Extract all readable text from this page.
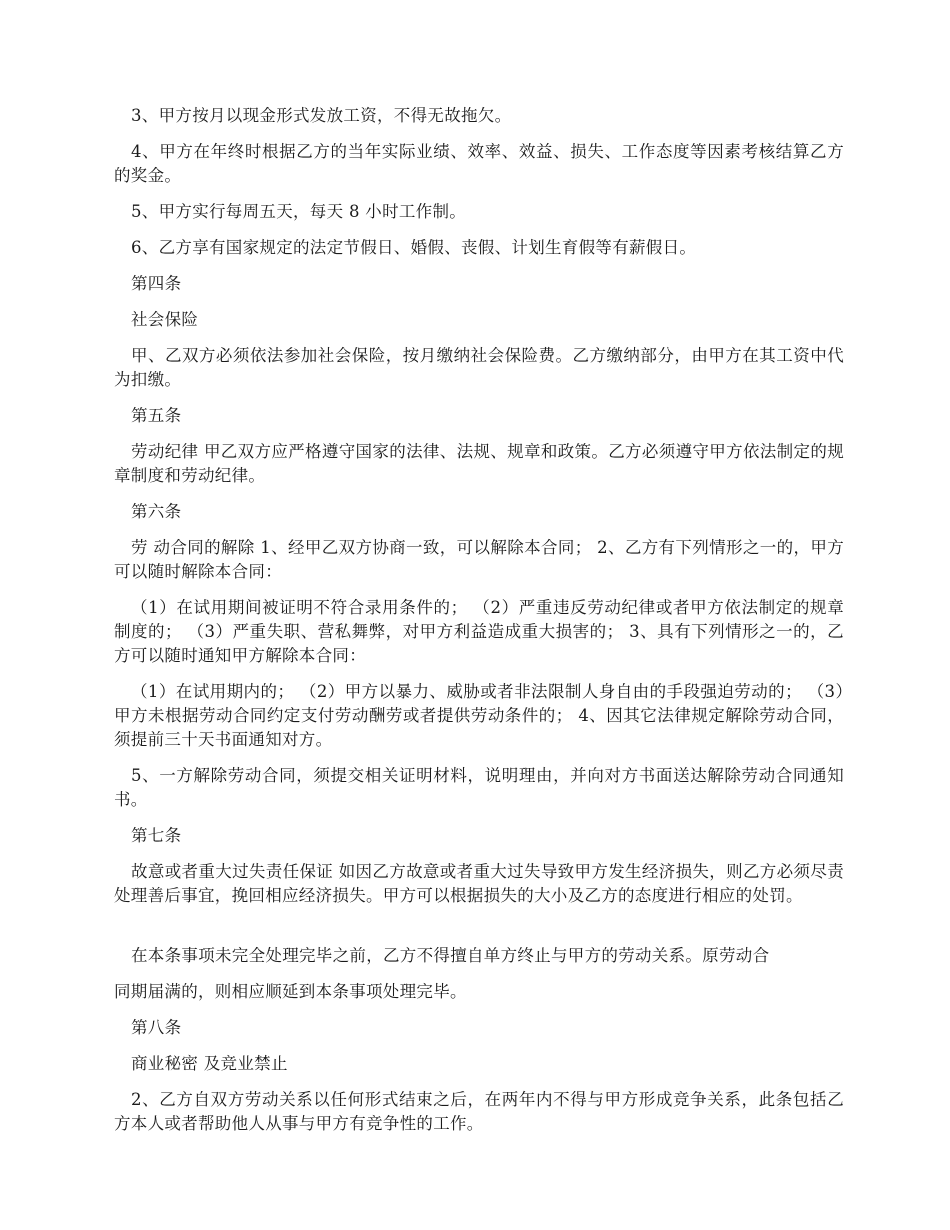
3、甲方按月以现金形式发放工资，不得无故拖欠。

4、甲方在年终时根据乙方的当年实际业绩、效率、效益、损失、工作态度等因素考核结算乙方的奖金。

5、甲方实行每周五天，每天 8 小时工作制。

6、乙方享有国家规定的法定节假日、婚假、丧假、计划生育假等有薪假日。

第四条

社会保险

甲、乙双方必须依法参加社会保险，按月缴纳社会保险费。乙方缴纳部分，由甲方在其工资中代为扣缴。

第五条

劳动纪律 甲乙双方应严格遵守国家的法律、法规、规章和政策。乙方必须遵守甲方依法制定的规章制度和劳动纪律。

第六条

劳 动合同的解除 1、经甲乙双方协商一致，可以解除本合同； 2、乙方有下列情形之一的，甲方可以随时解除本合同：

（1）在试用期间被证明不符合录用条件的； （2）严重违反劳动纪律或者甲方依法制定的规章制度的； （3）严重失职、营私舞弊，对甲方利益造成重大损害的； 3、具有下列情形之一的，乙方可以随时通知甲方解除本合同：

（1）在试用期内的； （2）甲方以暴力、威胁或者非法限制人身自由的手段强迫劳动的； （3）甲方未根据劳动合同约定支付劳动酬劳或者提供劳动条件的； 4、因其它法律规定解除劳动合同，须提前三十天书面通知对方。

5、一方解除劳动合同，须提交相关证明材料，说明理由，并向对方书面送达解除劳动合同通知书。

第七条

故意或者重大过失责任保证 如因乙方故意或者重大过失导致甲方发生经济损失，则乙方必须尽责处理善后事宜，挽回相应经济损失。甲方可以根据损失的大小及乙方的态度进行相应的处罚。

在本条事项未完全处理完毕之前，乙方不得擅自单方终止与甲方的劳动关系。原劳动合

同期届满的，则相应顺延到本条事项处理完毕。

第八条

商业秘密 及竞业禁止

2、乙方自双方劳动关系以任何形式结束之后，在两年内不得与甲方形成竞争关系，此条包括乙方本人或者帮助他人从事与甲方有竞争性的工作。
